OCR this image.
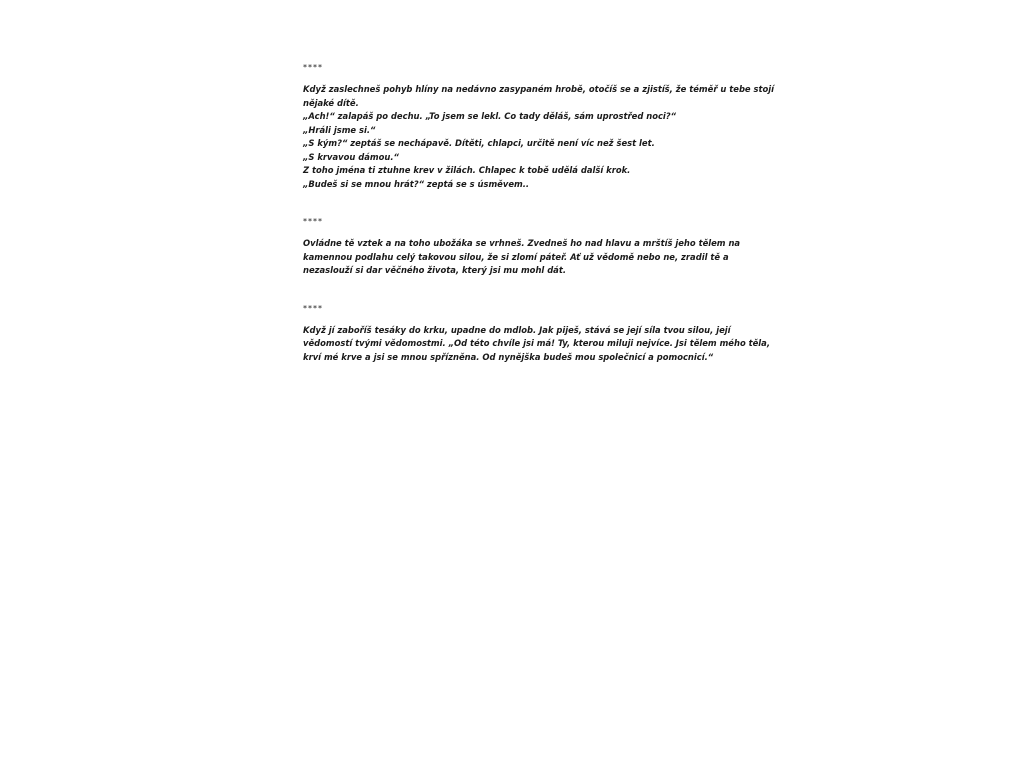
****

Když zaslechneš pohyb hlíny na nedávno zasypaném hrobě, otočíš se a zjistíš, že téměř u tebe stojí
nějaké dítě.
„Ach!“ zalapáš po dechu. „To jsem se lekl. Co tady děláš, sám uprostřed noci?“
„Hráli jsme si.“
„S kým?“ zeptáš se nechápavě. Dítěti, chlapci, určitě není víc než šest let.
„S krvavou dámou.“
Z toho jména ti ztuhne krev v žilách. Chlapec k tobě udělá další krok.
„Budeš si se mnou hrát?“ zeptá se s úsměvem..

****

Ovládne tě vztek a na toho ubožáka se vrhneš. Zvedneš ho nad hlavu a mrštíš jeho tělem na
kamennou podlahu celý takovou silou, že si zlomí páteř. Ať už vědomě nebo ne, zradil tě a
nezaslouží si dar věčného života, který jsi mu mohl dát.

****

Když jí zaboříš tesáky do krku, upadne do mdlob. Jak piješ, stává se její síla tvou silou, její
vědomostí tvými vědomostmi. „Od této chvíle jsi má! Ty, kterou miluji nejvíce. Jsi tělem mého těla,
krví mé krve a jsi se mnou spřízněna. Od nynějška budeš mou společnicí a pomocnicí.“
